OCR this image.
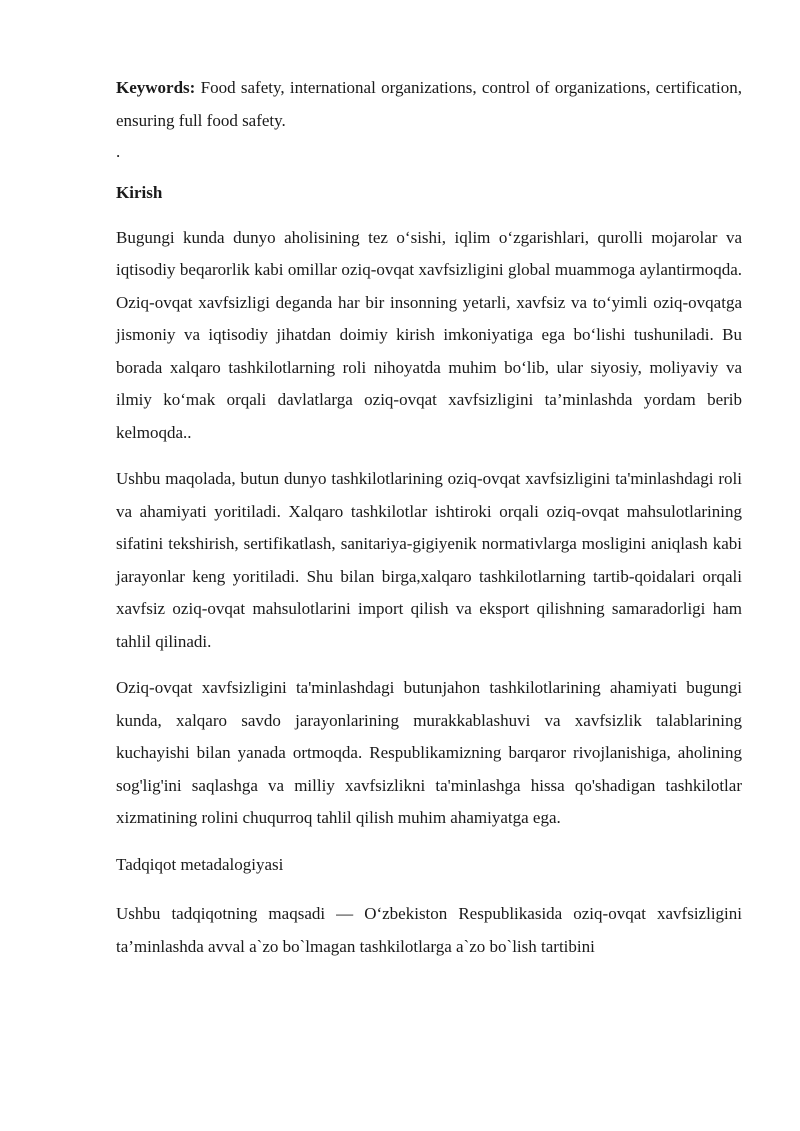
Keywords: Food safety, international organizations, control of organizations, certification, ensuring full food safety.

.

Kirish

Bugungi kunda dunyo aholisining tez o‘sishi, iqlim o‘zgarishlari, qurolli mojarolar va iqtisodiy beqarorlik kabi omillar oziq-ovqat xavfsizligini global muammoga aylantirmoqda. Oziq-ovqat xavfsizligi deganda har bir insonning yetarli, xavfsiz va to‘yimli oziq-ovqatga jismoniy va iqtisodiy jihatdan doimiy kirish imkoniyatiga ega bo‘lishi tushuniladi. Bu borada xalqaro tashkilotlarning roli nihoyatda muhim bo‘lib, ular siyosiy, moliyaviy va ilmiy ko‘mak orqali davlatlarga oziq-ovqat xavfsizligini ta’minlashda yordam berib kelmoqda..

Ushbu maqolada, butun dunyo tashkilotlarining oziq-ovqat xavfsizligini ta'minlashdagi roli va ahamiyati yoritiladi. Xalqaro tashkilotlar ishtiroki orqali oziq-ovqat mahsulotlarining sifatini tekshirish, sertifikatlash, sanitariya-gigiyenik normativlarga mosligini aniqlash kabi jarayonlar keng yoritiladi. Shu bilan birga,xalqaro tashkilotlarning tartib-qoidalari orqali xavfsiz oziq-ovqat mahsulotlarini import qilish va eksport qilishning samaradorligi ham tahlil qilinadi.

Oziq-ovqat xavfsizligini ta'minlashdagi butunjahon tashkilotlarining ahamiyati bugungi kunda, xalqaro savdo jarayonlarining murakkablashuvi va xavfsizlik talablarining kuchayishi bilan yanada ortmoqda. Respublikamizning barqaror rivojlanishiga, aholining sog'lig'ini saqlashga va milliy xavfsizlikni ta'minlashga hissa qo'shadigan tashkilotlar xizmatining rolini chuqurroq tahlil qilish muhim ahamiyatga ega.

Tadqiqot metadalogiyasi

Ushbu tadqiqotning maqsadi — O‘zbekiston Respublikasida oziq-ovqat xavfsizligini ta’minlashda avval a`zo bo`lmagan tashkilotlarga a`zo bo`lish tartibini
